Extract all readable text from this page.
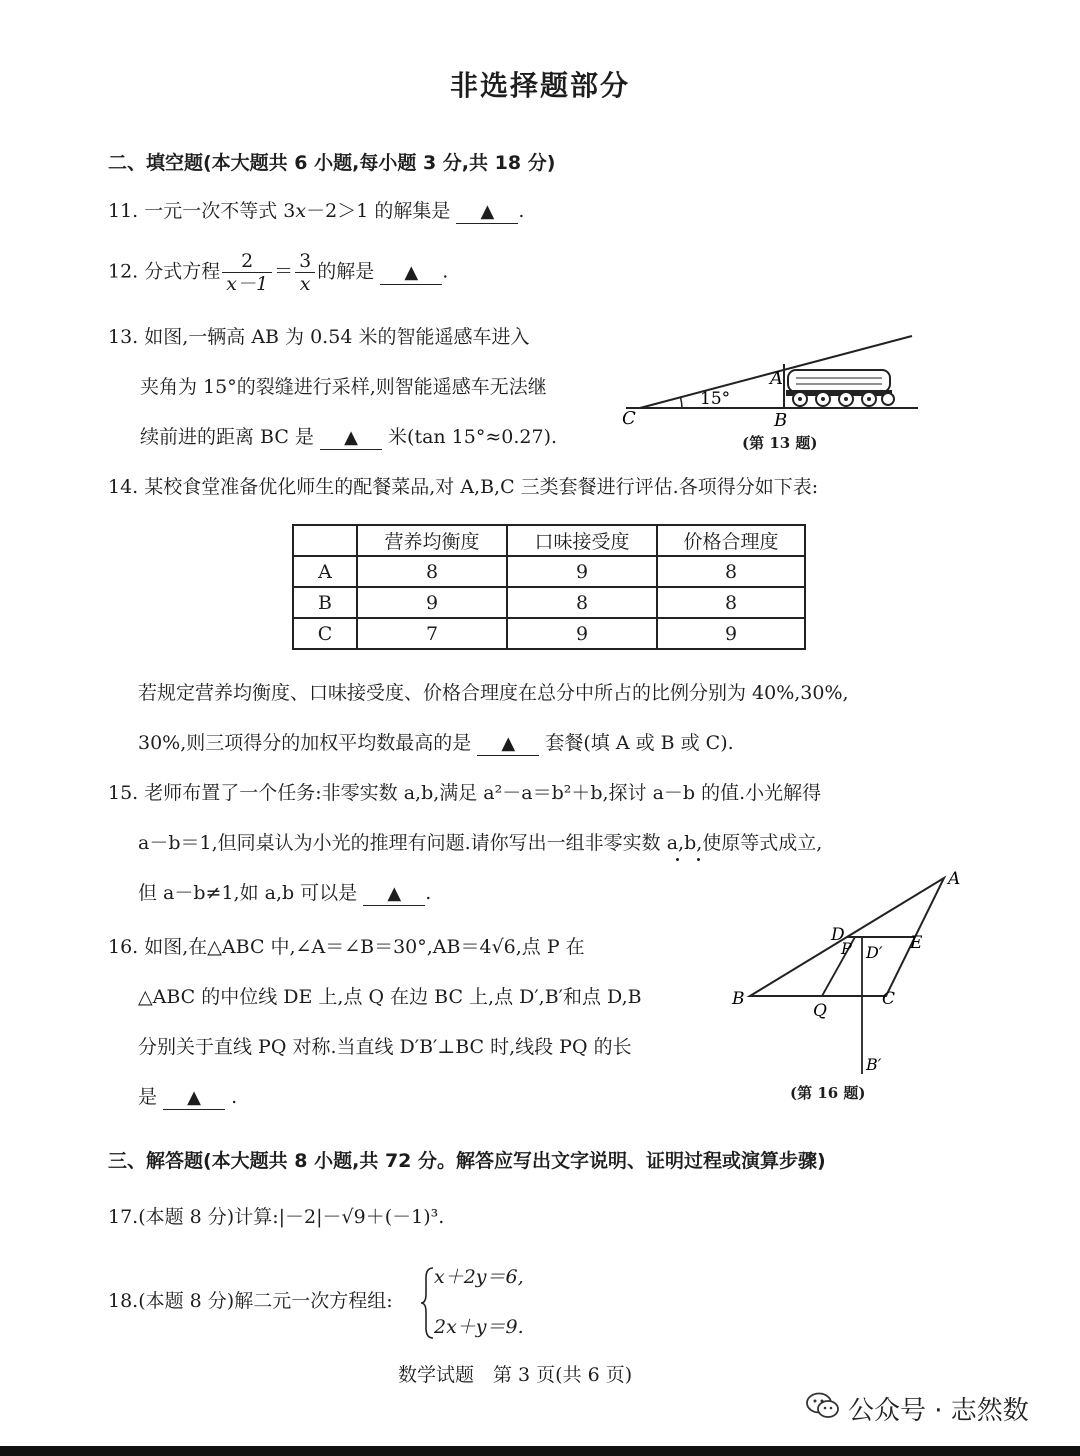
非选择题部分
二、填空题(本大题共 6 小题,每小题 3 分,共 18 分)
11. 一元一次不等式 3x－2＞1 的解集是 ▲ .
12. 分式方程 $\frac{2}{x-1} = \frac{3}{x}$ 的解是 ▲ .
13. 如图,一辆高 AB 为 0.54 米的智能遥感车进入
夹角为 15°的裂缝进行采样,则智能遥感车无法继
续前进的距离 BC 是 ▲ 米(tan 15°≈0.27).
15°
A
B
C
(第 13 题)
14. 某校食堂准备优化师生的配餐菜品,对 A,B,C 三类套餐进行评估.各项得分如下表:
	营养均衡度	口味接受度	价格合理度
A	8	9	8
B	9	8	8
C	7	9	9
若规定营养均衡度、口味接受度、价格合理度在总分中所占的比例分别为 40%,30%,
30%,则三项得分的加权平均数最高的是 ▲ 套餐(填 A 或 B 或 C).
15. 老师布置了一个任务:非零实数 a,b,满足 a²－a＝b²＋b,探讨 a－b 的值.小光解得
a－b＝1,但同桌认为小光的推理有问题.请你写出一组非零实数 a,b,使原等式成立,
但 a－b≠1,如 a,b 可以是 ▲ .
16. 如图,在△ABC 中,∠A＝∠B＝30°,AB＝4√6,点 P 在
△ABC 的中位线 DE 上,点 Q 在边 BC 上,点 D′,B′和点 D,B
分别关于直线 PQ 对称.当直线 D′B′⊥BC 时,线段 PQ 的长
是 ▲ .
A
B	C
D	E
P
Q
D′
B′
(第 16 题)
三、解答题(本大题共 8 小题,共 72 分。解答应写出文字说明、证明过程或演算步骤)
17.(本题 8 分)计算:|－2|－√9＋(－1)³.
18.(本题 8 分)解二元一次方程组:
x＋2y＝6,
2x＋y＝9.
数学试题　第 3 页(共 6 页)
公众号 · 志然数
